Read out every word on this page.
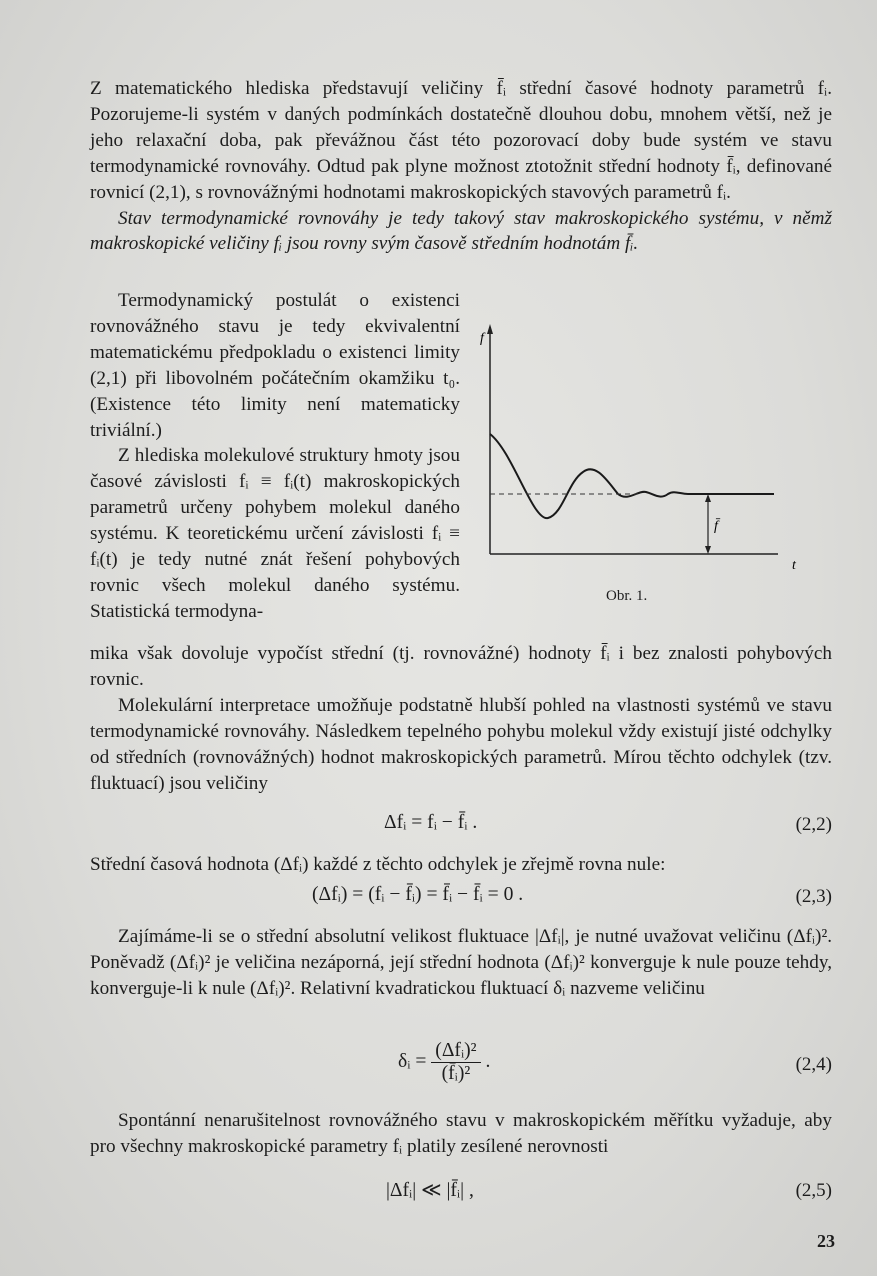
Z matematického hlediska představují veličiny f̄ᵢ střední časové hodnoty parametrů fᵢ. Pozorujeme-li systém v daných podmínkách dostatečně dlouhou dobu, mnohem větší, než je jeho relaxační doba, pak převážnou část této pozorovací doby bude systém ve stavu termodynamické rovnováhy. Odtud pak plyne možnost ztotožnit střední hodnoty f̄ᵢ, definované rovnicí (2,1), s rovnovážnými hodnotami makroskopických stavových parametrů fᵢ.

Stav termodynamické rovnováhy je tedy takový stav makroskopického systému, v němž makroskopické veličiny fᵢ jsou rovny svým časově středním hodnotám f̄ᵢ.

Termodynamický postulát o existenci rovnovážného stavu je tedy ekvivalentní matematickému předpokladu o existenci limity (2,1) při libovolném počátečním okamžiku t₀. (Existence této limity není matematicky triviální.)

Z hlediska molekulové struktury hmoty jsou časové závislosti fᵢ ≡ fᵢ(t) makroskopických parametrů určeny pohybem molekul daného systému. K teoretickému určení závislosti fᵢ ≡ fᵢ(t) je tedy nutné znát řešení pohybových rovnic všech molekul daného systému. Statistická termodyna-

f
t
f̄
Obr. 1.

mika však dovoluje vypočíst střední (tj. rovnovážné) hodnoty f̄ᵢ i bez znalosti pohybových rovnic.

Molekulární interpretace umožňuje podstatně hlubší pohled na vlastnosti systémů ve stavu termodynamické rovnováhy. Následkem tepelného pohybu molekul vždy existují jisté odchylky od středních (rovnovážných) hodnot makroskopických parametrů. Mírou těchto odchylek (tzv. fluktuací) jsou veličiny

Δfᵢ = fᵢ − f̄ᵢ .	(2,2)

Střední časová hodnota (Δfᵢ) každé z těchto odchylek je zřejmě rovna nule:

(Δfᵢ) = (fᵢ − f̄ᵢ) = f̄ᵢ − f̄ᵢ = 0 .	(2,3)

Zajímáme-li se o střední absolutní velikost fluktuace |Δfᵢ|, je nutné uvažovat veličinu (Δfᵢ)². Poněvadž (Δfᵢ)² je veličina nezáporná, její střední hodnota (Δfᵢ)² konverguje k nule pouze tehdy, konverguje-li k nule (Δfᵢ)². Relativní kvadratickou fluktuací δᵢ nazveme veličinu

δᵢ = $\frac{\text{(Δfᵢ)²}}{\text{(f̄ᵢ)²}}$ .	(2,4)

Spontánní nenarušitelnost rovnovážného stavu v makroskopickém měřítku vyžaduje, aby pro všechny makroskopické parametry fᵢ platily zesílené nerovnosti

|Δfᵢ| ≪ |f̄ᵢ| ,	(2,5)
23
